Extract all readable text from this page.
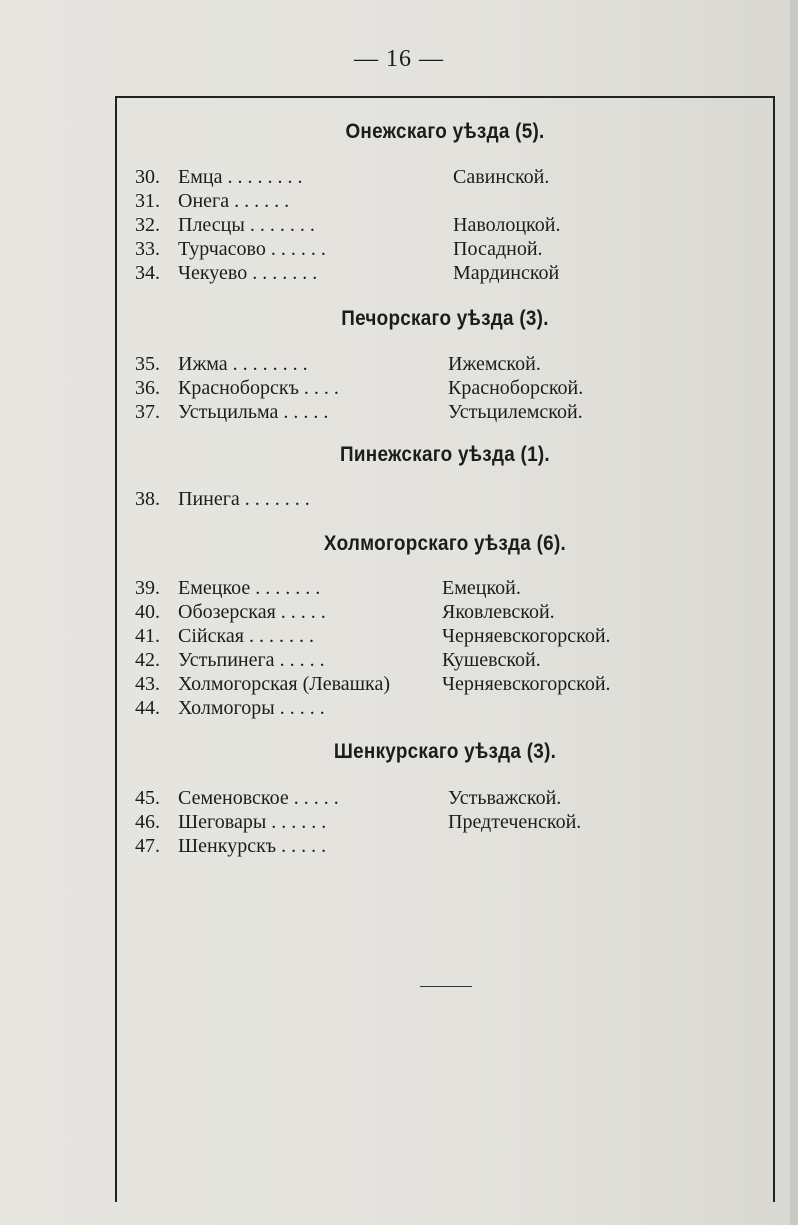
— 16 —
Онежскаго уѣзда (5).
30. Емца . . . . . . . .	Савинской.
31. Онега . . . . . .
32. Плесцы . . . . . . .	Наволоцкой.
33. Турчасово . . . . . .	Посадной.
34. Чекуево . . . . . . .	Мардинской
Печорскаго уѣзда (3).
35. Ижма . . . . . . . .	Ижемской.
36. Красноборскъ . . . .	Красноборской.
37. Устьцильма . . . . .	Устьцилемской.
Пинежскаго уѣзда (1).
38. Пинега . . . . . . .
Холмогорскаго уѣзда (6).
39. Емецкое . . . . . . .	Емецкой.
40. Обозерская . . . . .	Яковлевской.
41. Сійская . . . . . . .	Черняевскогорской.
42. Устьпинега . . . . .	Кушевской.
43. Холмогорская (Левашка)	Черняевскогорской.
44. Холмогоры . . . . .
Шенкурскаго уѣзда (3).
45. Семеновское . . . . .	Устьважской.
46. Шеговары . . . . . .	Предтеченской.
47. Шенкурскъ . . . . .
